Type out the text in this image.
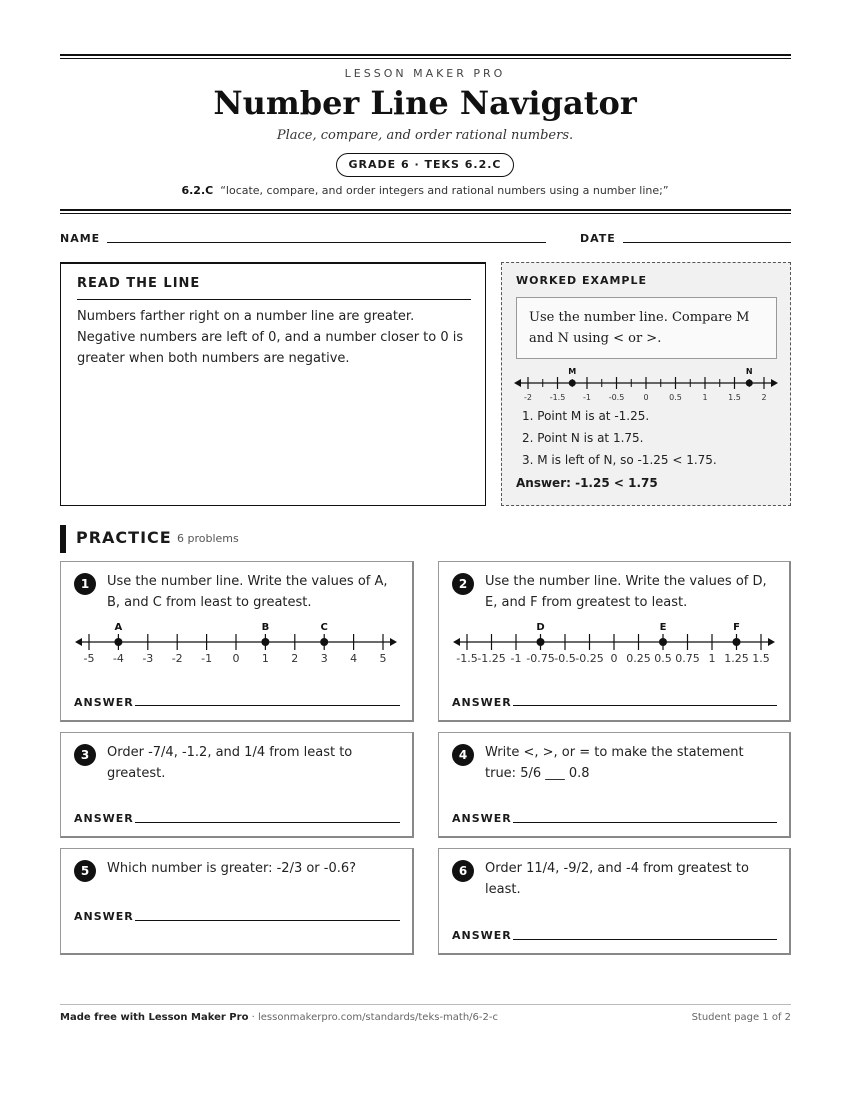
LESSON MAKER PRO
Number Line Navigator
Place, compare, and order rational numbers.
GRADE 6 · TEKS 6.2.C
6.2.C “locate, compare, and order integers and rational numbers using a number line;”
NAME	DATE
READ THE LINE
Numbers farther right on a number line are greater. Negative numbers are left of 0, and a number closer to 0 is greater when both numbers are negative.
WORKED EXAMPLE
Use the number line. Compare M and N using < or >.
-2 -1.5 -1 -0.5 0	0.5	1	1.5	2
M	N
1. Point M is at -1.25.
2. Point N is at 1.75.
3. M is left of N, so -1.25 < 1.75.
Answer: -1.25 < 1.75
PRACTICE 6 problems
1	Use the number line. Write the values of A, B, and C from least to greatest.
-5 -4 -3 -2 -1 0 1 2 3 4 5
A	B	C
ANSWER
2	Use the number line. Write the values of D, E, and F from greatest to least.
-1.5 -1.25 -1 -0.75 -0.5 -0.25 0 0.25 0.5 0.75 1 1.25 1.5
D	E	F
ANSWER
3	Order -7/4, -1.2, and 1/4 from least to greatest.
ANSWER
4	Write <, >, or = to make the statement true: 5/6 ___ 0.8
ANSWER
5	Which number is greater: -2/3 or -0.6?
ANSWER
6	Order 11/4, -9/2, and -4 from greatest to least.
ANSWER
Made free with Lesson Maker Pro · lessonmakerpro.com/standards/teks-math/6-2-c	Student page 1 of 2
